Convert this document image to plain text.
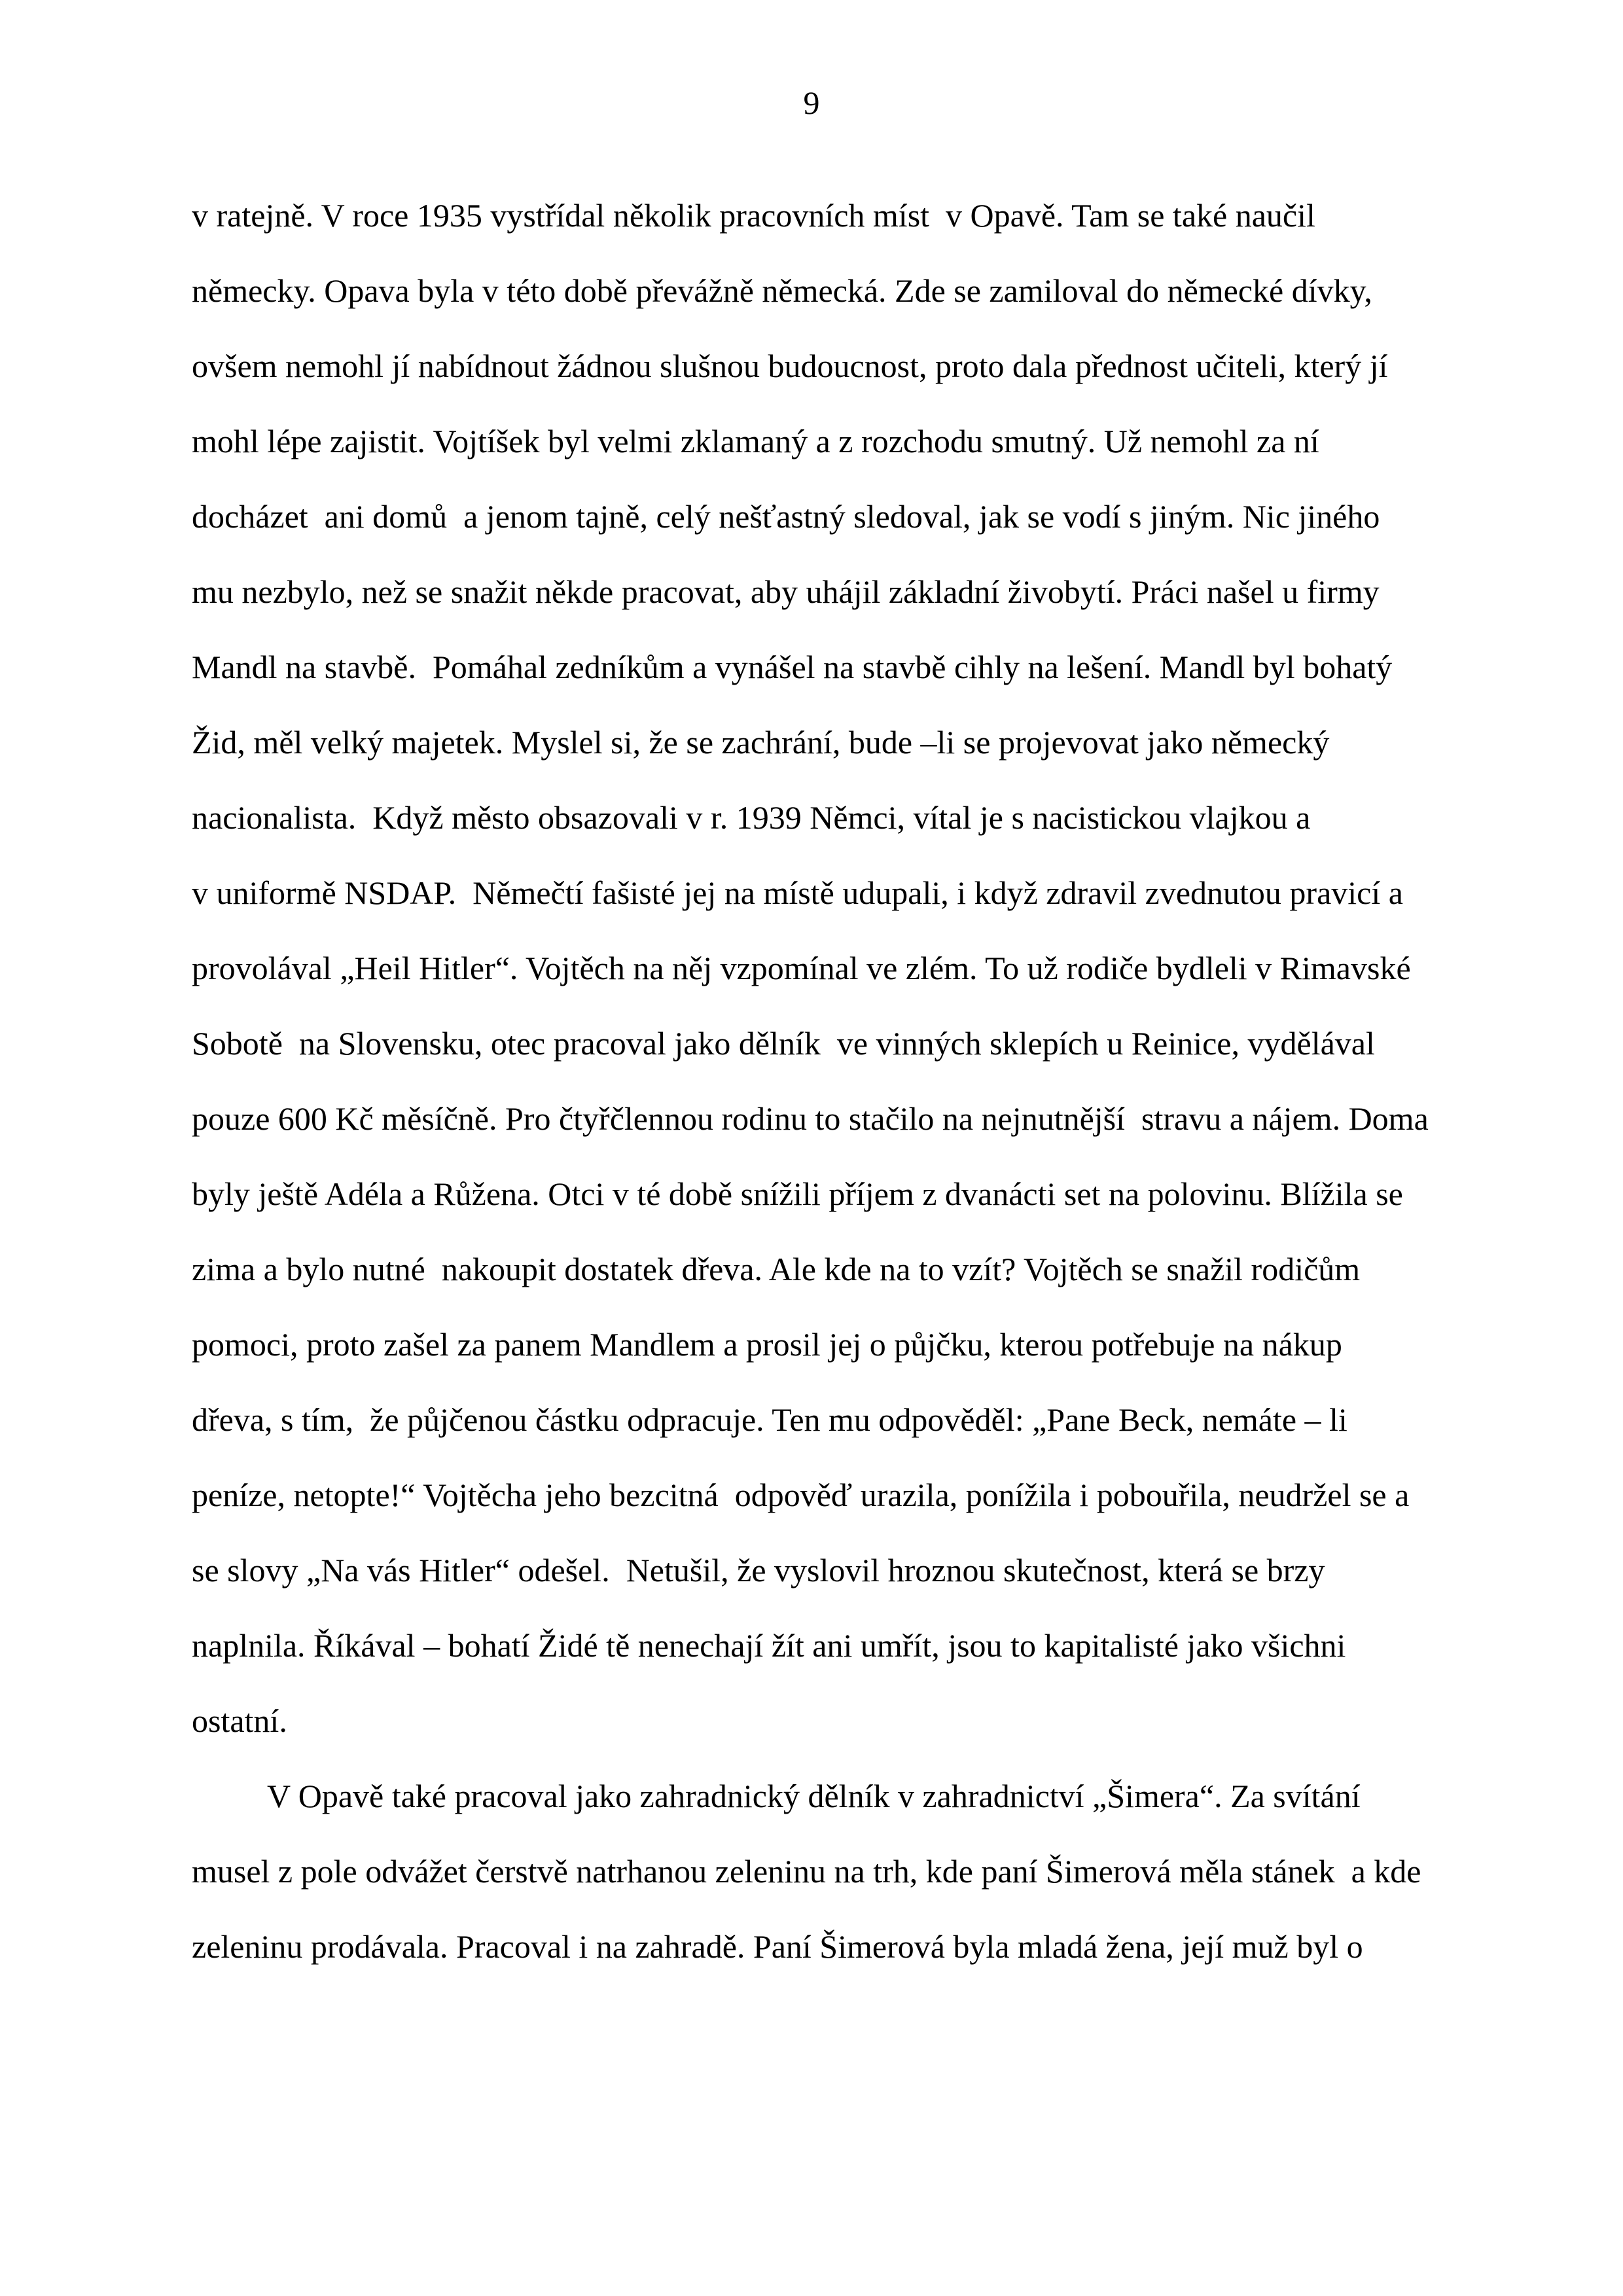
9
v ratejně. V roce 1935 vystřídal několik pracovních míst  v Opavě. Tam se také naučil
německy. Opava byla v této době převážně německá. Zde se zamiloval do německé dívky,
ovšem nemohl jí nabídnout žádnou slušnou budoucnost, proto dala přednost učiteli, který jí
mohl lépe zajistit. Vojtíšek byl velmi zklamaný a z rozchodu smutný. Už nemohl za ní
docházet  ani domů  a jenom tajně, celý nešťastný sledoval, jak se vodí s jiným. Nic jiného
mu nezbylo, než se snažit někde pracovat, aby uhájil základní živobytí. Práci našel u firmy
Mandl na stavbě.  Pomáhal zedníkům a vynášel na stavbě cihly na lešení. Mandl byl bohatý
Žid, měl velký majetek. Myslel si, že se zachrání, bude –li se projevovat jako německý
nacionalista.  Když město obsazovali v r. 1939 Němci, vítal je s nacistickou vlajkou a
v uniformě NSDAP.  Němečtí fašisté jej na místě udupali, i když zdravil zvednutou pravicí a
provolával „Heil Hitler“. Vojtěch na něj vzpomínal ve zlém. To už rodiče bydleli v Rimavské
Sobotě  na Slovensku, otec pracoval jako dělník  ve vinných sklepích u Reinice, vydělával
pouze 600 Kč měsíčně. Pro čtyřčlennou rodinu to stačilo na nejnutnější  stravu a nájem. Doma
byly ještě Adéla a Růžena. Otci v té době snížili příjem z dvanácti set na polovinu. Blížila se
zima a bylo nutné  nakoupit dostatek dřeva. Ale kde na to vzít? Vojtěch se snažil rodičům
pomoci, proto zašel za panem Mandlem a prosil jej o půjčku, kterou potřebuje na nákup
dřeva, s tím,  že půjčenou částku odpracuje. Ten mu odpověděl: „Pane Beck, nemáte – li
peníze, netopte!“ Vojtěcha jeho bezcitná  odpověď urazila, ponížila i pobouřila, neudržel se a
se slovy „Na vás Hitler“ odešel.  Netušil, že vyslovil hroznou skutečnost, která se brzy
naplnila. Říkával – bohatí Židé tě nenechají žít ani umřít, jsou to kapitalisté jako všichni
ostatní.
V Opavě také pracoval jako zahradnický dělník v zahradnictví „Šimera“. Za svítání
musel z pole odvážet čerstvě natrhanou zeleninu na trh, kde paní Šimerová měla stánek  a kde
zeleninu prodávala. Pracoval i na zahradě. Paní Šimerová byla mladá žena, její muž byl o
